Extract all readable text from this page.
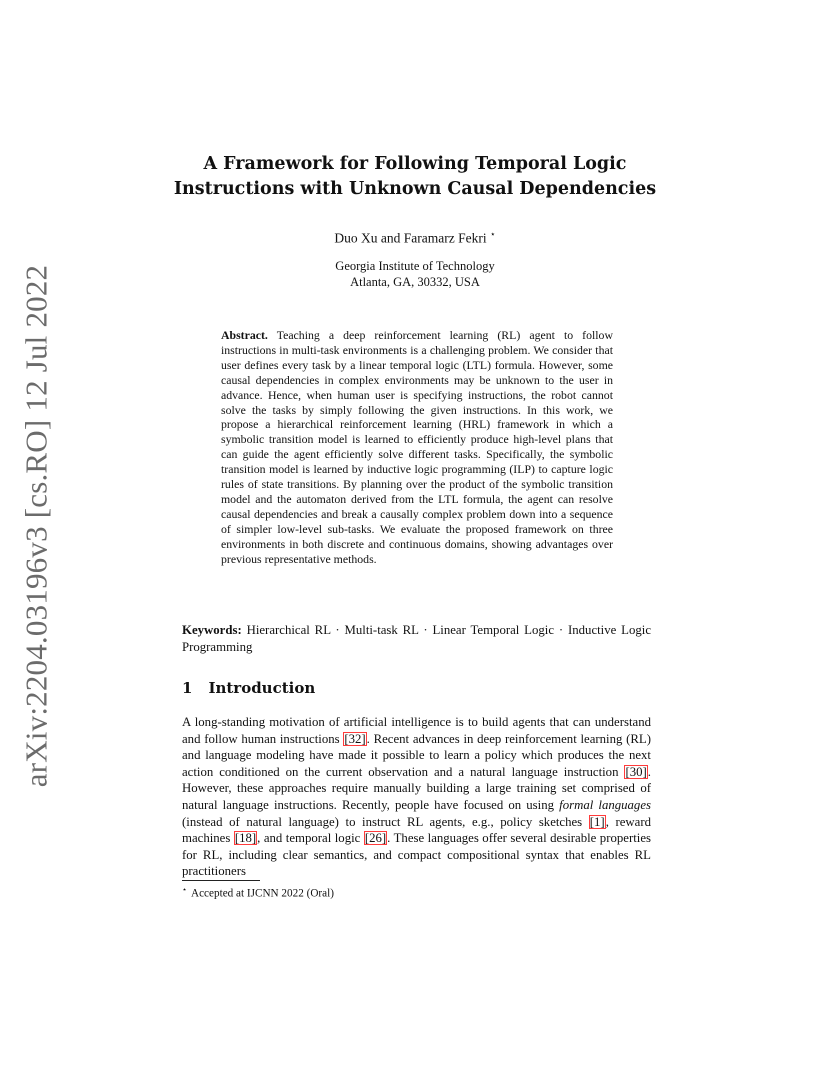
arXiv:2204.03196v3 [cs.RO] 12 Jul 2022
A Framework for Following Temporal Logic Instructions with Unknown Causal Dependencies
Duo Xu and Faramarz Fekri ⋆
Georgia Institute of Technology
Atlanta, GA, 30332, USA
Abstract. Teaching a deep reinforcement learning (RL) agent to follow instructions in multi-task environments is a challenging problem. We consider that user defines every task by a linear temporal logic (LTL) formula. However, some causal dependencies in complex environments may be unknown to the user in advance. Hence, when human user is specifying instructions, the robot cannot solve the tasks by simply following the given instructions. In this work, we propose a hierarchical reinforcement learning (HRL) framework in which a symbolic transition model is learned to efficiently produce high-level plans that can guide the agent efficiently solve different tasks. Specifically, the symbolic transition model is learned by inductive logic programming (ILP) to capture logic rules of state transitions. By planning over the product of the symbolic transition model and the automaton derived from the LTL formula, the agent can resolve causal dependencies and break a causally complex problem down into a sequence of simpler low-level sub-tasks. We evaluate the proposed framework on three environments in both discrete and continuous domains, showing advantages over previous representative methods.
Keywords: Hierarchical RL · Multi-task RL · Linear Temporal Logic · Inductive Logic Programming
1 Introduction

A long-standing motivation of artificial intelligence is to build agents that can understand and follow human instructions [32]. Recent advances in deep reinforcement learning (RL) and language modeling have made it possible to learn a policy which produces the next action conditioned on the current observation and a natural language instruction [30]. However, these approaches require manually building a large training set comprised of natural language instructions. Recently, people have focused on using formal languages (instead of natural language) to instruct RL agents, e.g., policy sketches [1], reward machines [18], and temporal logic [26]. These languages offer several desirable properties for RL, including clear semantics, and compact compositional syntax that enables RL practitioners

⋆ Accepted at IJCNN 2022 (Oral)
